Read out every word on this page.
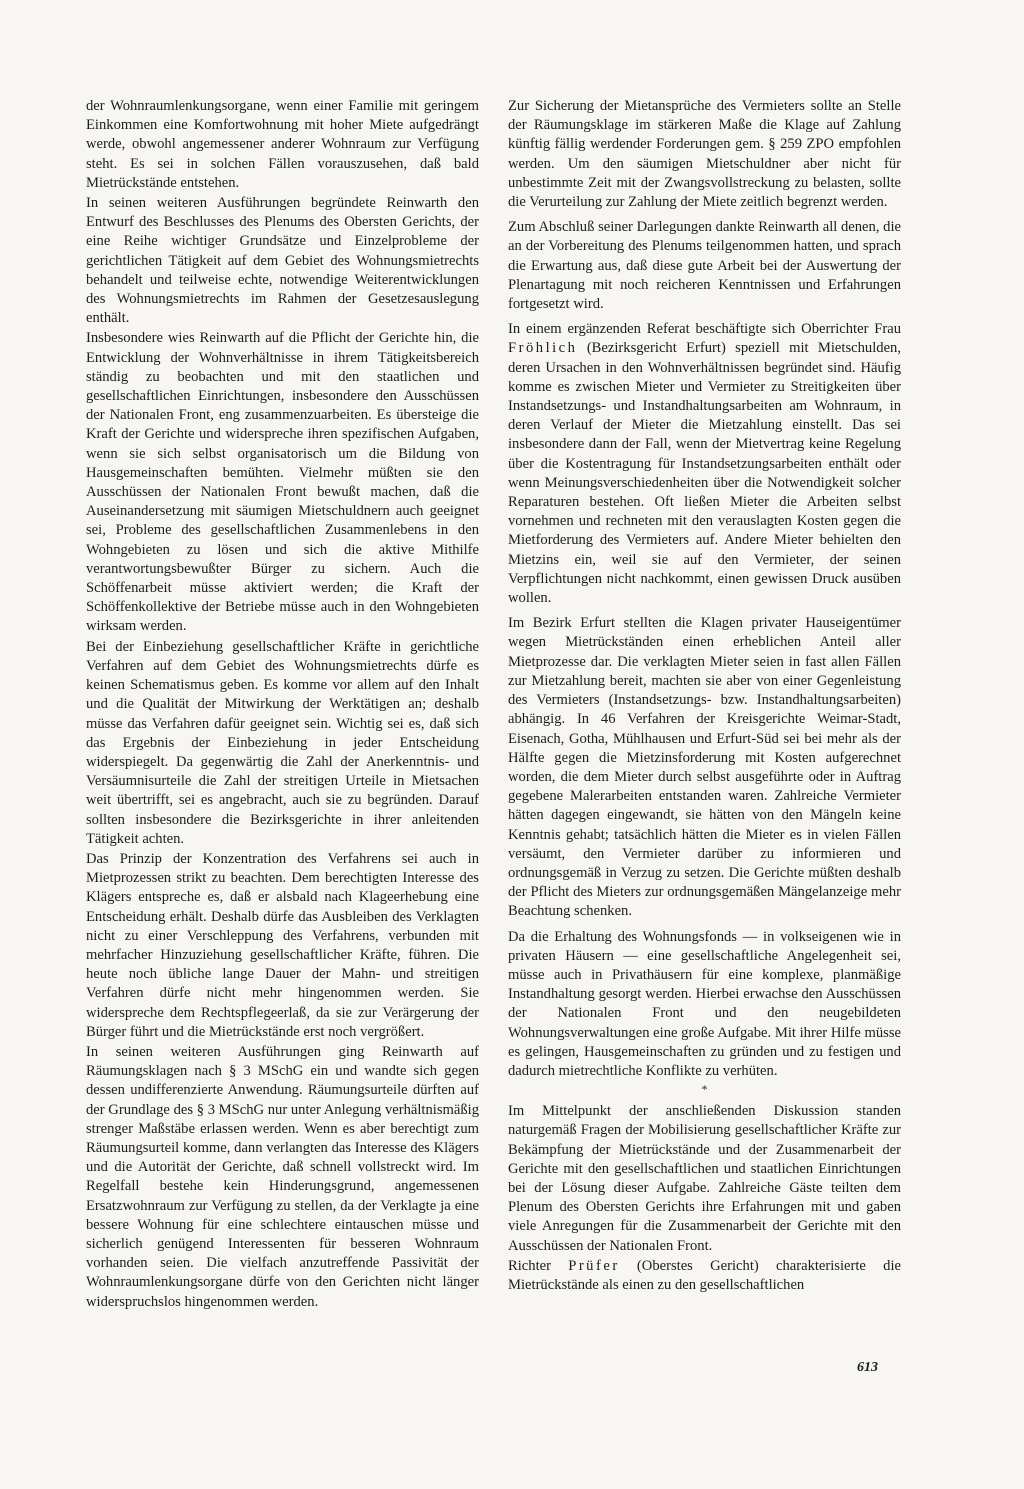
der Wohnraumlenkungsorgane, wenn einer Familie mit geringem Einkommen eine Komfortwohnung mit hoher Miete aufgedrängt werde, obwohl angemessener anderer Wohnraum zur Verfügung steht. Es sei in solchen Fällen vorauszusehen, daß bald Mietrückstände entstehen.

In seinen weiteren Ausführungen begründete Reinwarth den Entwurf des Beschlusses des Plenums des Obersten Gerichts, der eine Reihe wichtiger Grundsätze und Einzelprobleme der gerichtlichen Tätigkeit auf dem Gebiet des Wohnungsmietrechts behandelt und teilweise echte, notwendige Weiterentwicklungen des Wohnungsmietrechts im Rahmen der Gesetzesauslegung enthält.

Insbesondere wies Reinwarth auf die Pflicht der Gerichte hin, die Entwicklung der Wohnverhältnisse in ihrem Tätigkeitsbereich ständig zu beobachten und mit den staatlichen und gesellschaftlichen Einrichtungen, insbesondere den Ausschüssen der Nationalen Front, eng zusammenzuarbeiten. Es übersteige die Kraft der Gerichte und widerspreche ihren spezifischen Aufgaben, wenn sie sich selbst organisatorisch um die Bildung von Hausgemeinschaften bemühten. Vielmehr müßten sie den Ausschüssen der Nationalen Front bewußt machen, daß die Auseinandersetzung mit säumigen Mietschuldnern auch geeignet sei, Probleme des gesellschaftlichen Zusammenlebens in den Wohngebieten zu lösen und sich die aktive Mithilfe verantwortungsbewußter Bürger zu sichern. Auch die Schöffenarbeit müsse aktiviert werden; die Kraft der Schöffenkollektive der Betriebe müsse auch in den Wohngebieten wirksam werden.

Bei der Einbeziehung gesellschaftlicher Kräfte in gerichtliche Verfahren auf dem Gebiet des Wohnungsmietrechts dürfe es keinen Schematismus geben. Es komme vor allem auf den Inhalt und die Qualität der Mitwirkung der Werktätigen an; deshalb müsse das Verfahren dafür geeignet sein. Wichtig sei es, daß sich das Ergebnis der Einbeziehung in jeder Entscheidung widerspiegelt. Da gegenwärtig die Zahl der Anerkenntnis- und Versäumnisurteile die Zahl der streitigen Urteile in Mietsachen weit übertrifft, sei es angebracht, auch sie zu begründen. Darauf sollten insbesondere die Bezirksgerichte in ihrer anleitenden Tätigkeit achten.

Das Prinzip der Konzentration des Verfahrens sei auch in Mietprozessen strikt zu beachten. Dem berechtigten Interesse des Klägers entspreche es, daß er alsbald nach Klageerhebung eine Entscheidung erhält. Deshalb dürfe das Ausbleiben des Verklagten nicht zu einer Verschleppung des Verfahrens, verbunden mit mehrfacher Hinzuziehung gesellschaftlicher Kräfte, führen. Die heute noch übliche lange Dauer der Mahn- und streitigen Verfahren dürfe nicht mehr hingenommen werden. Sie widerspreche dem Rechtspflegeerlaß, da sie zur Verärgerung der Bürger führt und die Mietrückstände erst noch vergrößert.

In seinen weiteren Ausführungen ging Reinwarth auf Räumungsklagen nach § 3 MSchG ein und wandte sich gegen dessen undifferenzierte Anwendung. Räumungsurteile dürften auf der Grundlage des § 3 MSchG nur unter Anlegung verhältnismäßig strenger Maßstäbe erlassen werden. Wenn es aber berechtigt zum Räumungsurteil komme, dann verlangten das Interesse des Klägers und die Autorität der Gerichte, daß schnell vollstreckt wird. Im Regelfall bestehe kein Hinderungsgrund, angemessenen Ersatzwohnraum zur Verfügung zu stellen, da der Verklagte ja eine bessere Wohnung für eine schlechtere eintauschen müsse und sicherlich genügend Interessenten für besseren Wohnraum vorhanden seien. Die vielfach anzutreffende Passivität der Wohnraumlenkungsorgane dürfe von den Gerichten nicht länger widerspruchslos hingenommen werden.

Zur Sicherung der Mietansprüche des Vermieters sollte an Stelle der Räumungsklage im stärkeren Maße die Klage auf Zahlung künftig fällig werdender Forderungen gem. § 259 ZPO empfohlen werden. Um den säumigen Mietschuldner aber nicht für unbestimmte Zeit mit der Zwangsvollstreckung zu belasten, sollte die Verurteilung zur Zahlung der Miete zeitlich begrenzt werden.

Zum Abschluß seiner Darlegungen dankte Reinwarth all denen, die an der Vorbereitung des Plenums teilgenommen hatten, und sprach die Erwartung aus, daß diese gute Arbeit bei der Auswertung der Plenartagung mit noch reicheren Kenntnissen und Erfahrungen fortgesetzt wird.

In einem ergänzenden Referat beschäftigte sich Oberrichter Frau Fröhlich (Bezirksgericht Erfurt) speziell mit Mietschulden, deren Ursachen in den Wohnverhältnissen begründet sind. Häufig komme es zwischen Mieter und Vermieter zu Streitigkeiten über Instandsetzungs- und Instandhaltungsarbeiten am Wohnraum, in deren Verlauf der Mieter die Mietzahlung einstellt. Das sei insbesondere dann der Fall, wenn der Mietvertrag keine Regelung über die Kostentragung für Instandsetzungsarbeiten enthält oder wenn Meinungsverschiedenheiten über die Notwendigkeit solcher Reparaturen bestehen. Oft ließen Mieter die Arbeiten selbst vornehmen und rechneten mit den verauslagten Kosten gegen die Mietforderung des Vermieters auf. Andere Mieter behielten den Mietzins ein, weil sie auf den Vermieter, der seinen Verpflichtungen nicht nachkommt, einen gewissen Druck ausüben wollen.

Im Bezirk Erfurt stellten die Klagen privater Hauseigentümer wegen Mietrückständen einen erheblichen Anteil aller Mietprozesse dar. Die verklagten Mieter seien in fast allen Fällen zur Mietzahlung bereit, machten sie aber von einer Gegenleistung des Vermieters (Instandsetzungs- bzw. Instandhaltungsarbeiten) abhängig. In 46 Verfahren der Kreisgerichte Weimar-Stadt, Eisenach, Gotha, Mühlhausen und Erfurt-Süd sei bei mehr als der Hälfte gegen die Mietzinsforderung mit Kosten aufgerechnet worden, die dem Mieter durch selbst ausgeführte oder in Auftrag gegebene Malerarbeiten entstanden waren. Zahlreiche Vermieter hätten dagegen eingewandt, sie hätten von den Mängeln keine Kenntnis gehabt; tatsächlich hätten die Mieter es in vielen Fällen versäumt, den Vermieter darüber zu informieren und ordnungsgemäß in Verzug zu setzen. Die Gerichte müßten deshalb der Pflicht des Mieters zur ordnungsgemäßen Mängelanzeige mehr Beachtung schenken.

Da die Erhaltung des Wohnungsfonds — in volkseigenen wie in privaten Häusern — eine gesellschaftliche Angelegenheit sei, müsse auch in Privathäusern für eine komplexe, planmäßige Instandhaltung gesorgt werden. Hierbei erwachse den Ausschüssen der Nationalen Front und den neugebildeten Wohnungsverwaltungen eine große Aufgabe. Mit ihrer Hilfe müsse es gelingen, Hausgemeinschaften zu gründen und zu festigen und dadurch mietrechtliche Konflikte zu verhüten.

*

Im Mittelpunkt der anschließenden Diskussion standen naturgemäß Fragen der Mobilisierung gesellschaftlicher Kräfte zur Bekämpfung der Mietrückstände und der Zusammenarbeit der Gerichte mit den gesellschaftlichen und staatlichen Einrichtungen bei der Lösung dieser Aufgabe. Zahlreiche Gäste teilten dem Plenum des Obersten Gerichts ihre Erfahrungen mit und gaben viele Anregungen für die Zusammenarbeit der Gerichte mit den Ausschüssen der Nationalen Front.

Richter Prüfer (Oberstes Gericht) charakterisierte die Mietrückstände als einen zu den gesellschaftlichen

613
